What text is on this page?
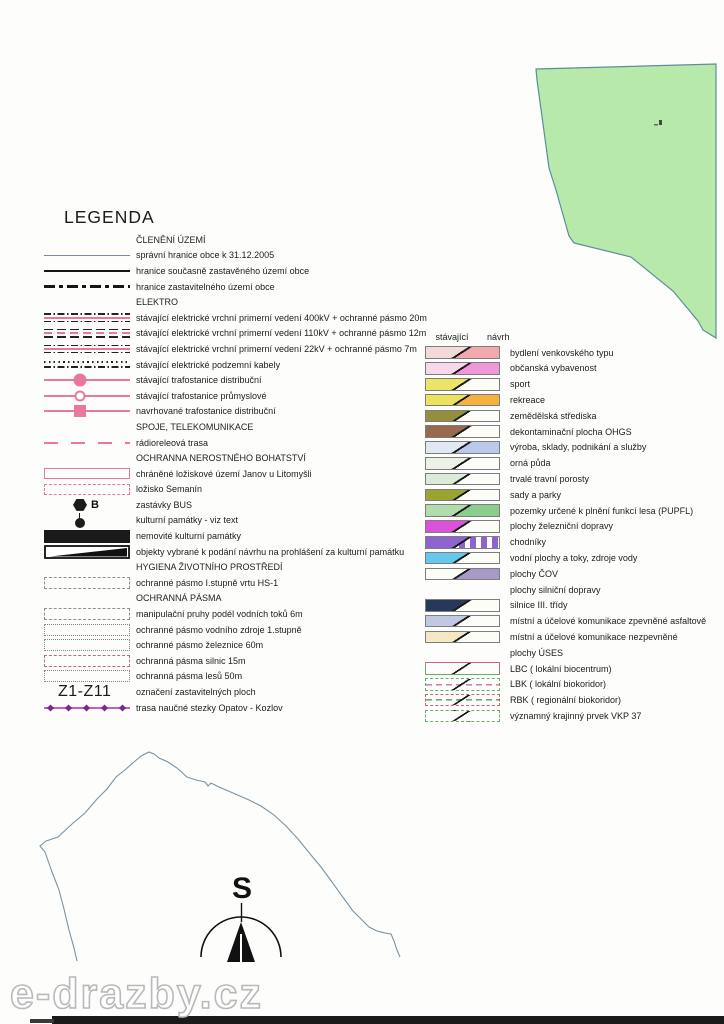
LEGENDA
ČLENĚNÍ ÚZEMÍ
správní hranice obce k 31.12.2005
hranice současně zastavěného území obce
hranice zastavitelného území obce
ELEKTRO
stávající elektrické vrchní primerní vedení 400kV + ochranné pásmo 20m
stávající elektrické vrchní primerní vedení 110kV + ochranné pásmo 12m
stávající elektrické vrchní primerní vedení 22kV + ochranné pásmo 7m
stávající elektrické podzemní kabely
stávající trafostanice distribuční
stávající trafostanice průmyslové
navrhované trafostanice distribuční
SPOJE, TELEKOMUNIKACE
rádioreleová trasa
OCHRANNA NEROSTNÉHO BOHATSTVÍ
chráněné ložiskové území Janov u Litomyšli
ložisko Semanín
B	zastávky BUS
kulturní památky - viz text
nemovité kulturní památky
objekty vybrané k podání návrhu na prohlášení za kulturní památku
HYGIENA ŽIVOTNÍHO PROSTŘEDÍ
ochranné pásmo I.stupně vrtu HS-1
OCHRANNÁ PÁSMA
manipulační pruhy podél vodních toků 6m
ochranné pásmo vodního zdroje 1.stupně
ochranné pásmo železnice 60m
ochranná pásma silnic 15m
ochranná pásma lesů 50m
Z1-Z11	označení zastavitelných ploch
trasa naučné stezky Opatov - Kozlov
stávající	návrh
bydlení venkovského typu
občanská vybavenost
sport
rekreace
zemědělská střediska
dekontaminační plocha OHGS
výroba, sklady, podnikání a služby
orná půda
trvalé travní porosty
sady a parky
pozemky určené k plnění funkcí lesa (PUPFL)
plochy železniční dopravy
chodníky
vodní plochy a toky, zdroje vody
plochy ČOV
plochy silniční dopravy
silnice III. třídy
místní a účelové komunikace zpevněné asfaltově
místní a účelové komunikace nezpevněné
plochy ÚSES
LBC ( lokální biocentrum)
LBK ( lokální biokoridor)
RBK ( regionální biokoridor)
významný krajinný prvek VKP 37
S
e-drazby.cz
